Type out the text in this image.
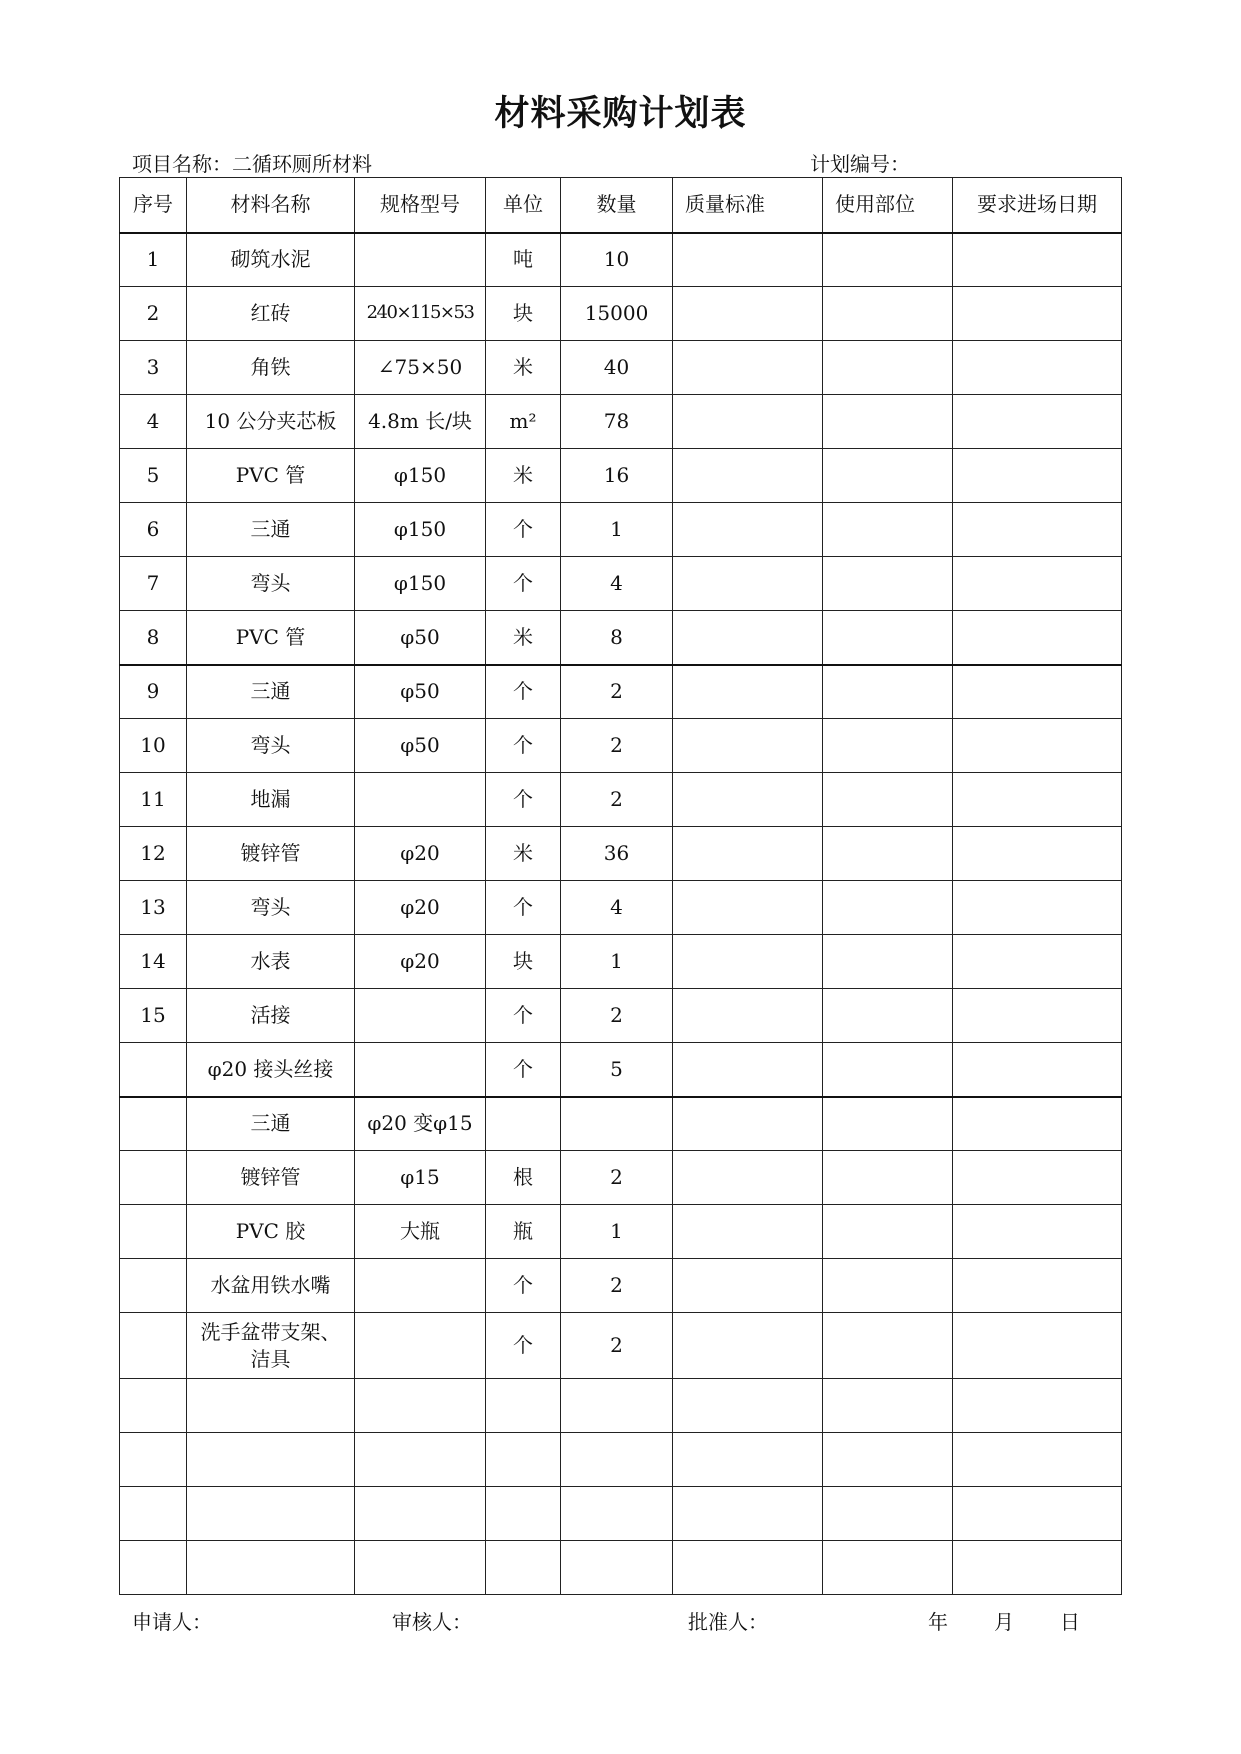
材料采购计划表
项目名称：二循环厕所材料	计划编号：
序号	材料名称	规格型号	单位	数量	质量标准	使用部位	要求进场日期
1	砌筑水泥		吨	10			
2	红砖	240×115×53	块	15000			
3	角铁	∠75×50	米	40			
4	10 公分夹芯板	4.8m 长/块	m²	78			
5	PVC 管	φ150	米	16			
6	三通	φ150	个	1			
7	弯头	φ150	个	4			
8	PVC 管	φ50	米	8			
9	三通	φ50	个	2			
10	弯头	φ50	个	2			
11	地漏		个	2			
12	镀锌管	φ20	米	36			
13	弯头	φ20	个	4			
14	水表	φ20	块	1			
15	活接		个	2			
	φ20 接头丝接		个	5			
	三通	φ20 变φ15					
	镀锌管	φ15	根	2			
	PVC 胶	大瓶	瓶	1			
	水盆用铁水嘴		个	2			
	洗手盆带支架、洁具		个	2			

申请人：	审核人：	批准人：	年 月 日
